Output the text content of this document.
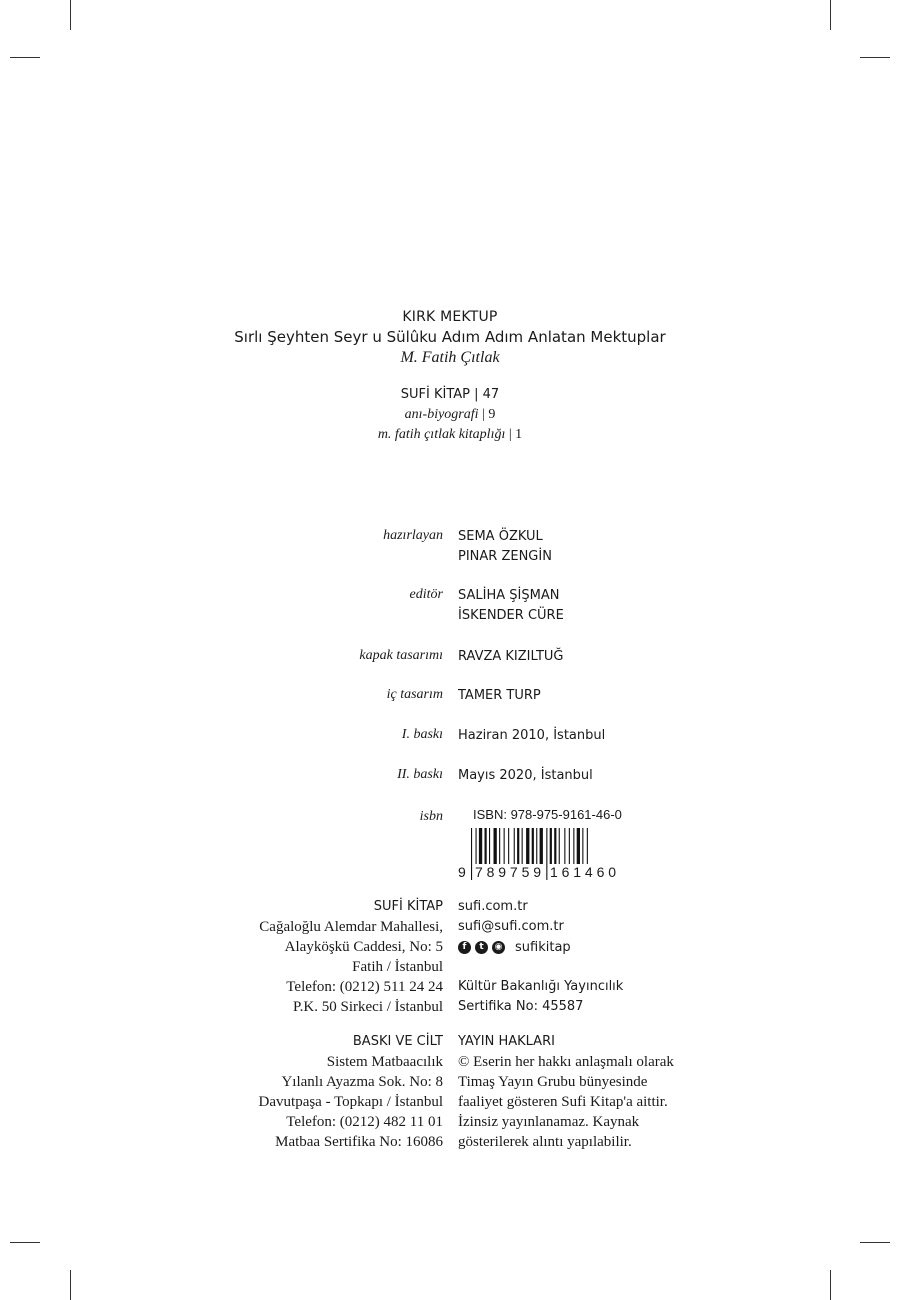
KIRK MEKTUP
Sırlı Şeyhten Seyr u Sülûku Adım Adım Anlatan Mektuplar
M. Fatih Çıtlak
SUFİ KİTAP | 47
anı-biyografi | 9
m. fatih çıtlak kitaplığı | 1
hazırlayan SEMA ÖZKUL
PINAR ZENGİN
editör SALİHA ŞİŞMAN
İSKENDER CÜRE
kapak tasarımı RAVZA KIZILTUĞ
iç tasarım TAMER TURP
I. baskı Haziran 2010, İstanbul
II. baskı Mayıs 2020, İstanbul
isbn ISBN: 978-975-9161-46-0
9 789759 161460
SUFİ KİTAP
Cağaloğlu Alemdar Mahallesi,
Alayköşkü Caddesi, No: 5
Fatih / İstanbul
Telefon: (0212) 511 24 24
P.K. 50 Sirkeci / İstanbul
sufi.com.tr
sufi@sufi.com.tr
f	t	◉ sufikitap
Kültür Bakanlığı Yayıncılık
Sertifika No: 45587
BASKI VE CİLT
Sistem Matbaacılık
Yılanlı Ayazma Sok. No: 8
Davutpaşa - Topkapı / İstanbul
Telefon: (0212) 482 11 01
Matbaa Sertifika No: 16086
YAYIN HAKLARI
© Eserin her hakkı anlaşmalı olarak
Timaş Yayın Grubu bünyesinde
faaliyet gösteren Sufi Kitap'a aittir.
İzinsiz yayınlanamaz. Kaynak
gösterilerek alıntı yapılabilir.
